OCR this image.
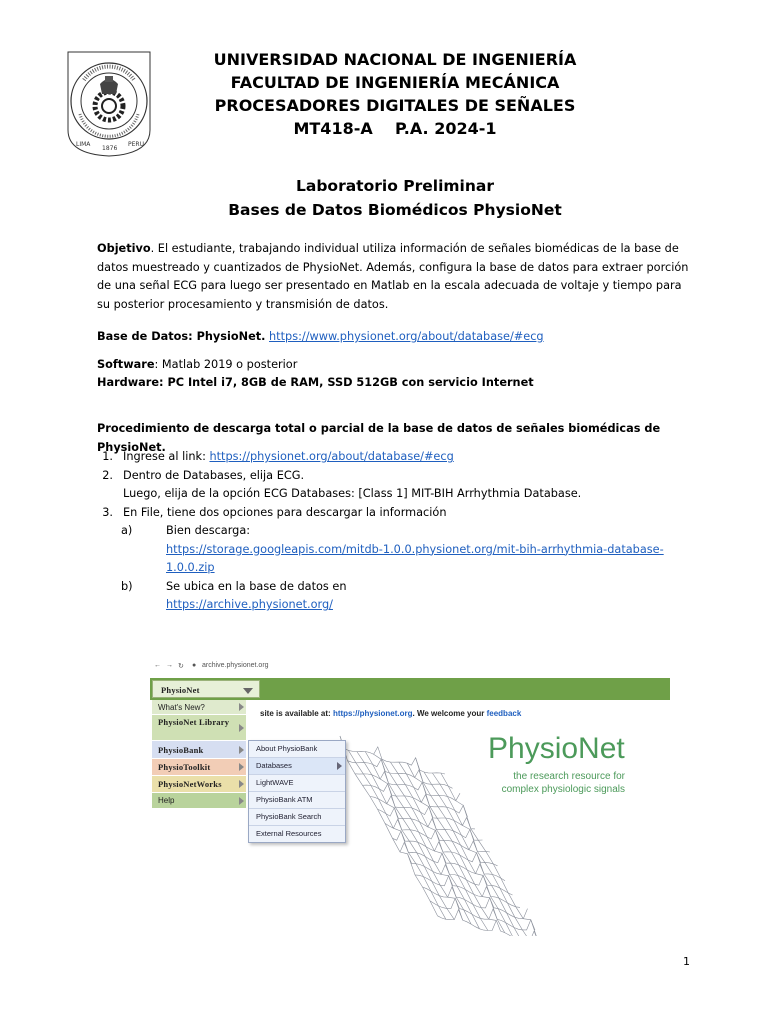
LIMA
1876
PERU
UNIVERSIDAD NACIONAL DE INGENIERÍA
FACULTAD DE INGENIERÍA MECÁNICA
PROCESADORES DIGITALES DE SEÑALES
MT418-A    P.A. 2024-1
Laboratorio Preliminar
Bases de Datos Biomédicos PhysioNet
Objetivo. El estudiante, trabajando individual utiliza información de señales biomédicas de la base de datos muestreado y cuantizados de PhysioNet. Además, configura la base de datos para extraer porción de una señal ECG para luego ser presentado en Matlab en la escala adecuada de voltaje y tiempo para su posterior procesamiento y transmisión de datos.
Base de Datos: PhysioNet. https://www.physionet.org/about/database/#ecg
Software: Matlab 2019 o posterior
Hardware: PC Intel i7, 8GB de RAM, SSD 512GB con servicio Internet
Procedimiento de descarga total o parcial de la base de datos de señales biomédicas de PhysioNet.
1. Ingrese al link: https://physionet.org/about/database/#ecg
2. Dentro de Databases, elija ECG.
Luego, elija de la opción ECG Databases: [Class 1] MIT-BIH Arrhythmia Database.
3. En File, tiene dos opciones para descargar la información
a)	Bien descarga:
https://storage.googleapis.com/mitdb-1.0.0.physionet.org/mit-bih-arrhythmia-database-
1.0.0.zip
b)	Se ubica en la base de datos en
https://archive.physionet.org/
← → ↻ ● archive.physionet.org
PhysioNet
What's New?
PhysioNet Library
PhysioBank
PhysioToolkit
PhysioNetWorks
Help
About PhysioBank
Databases
LightWAVE
PhysioBank ATM
PhysioBank Search
External Resources
site is available at: https://physionet.org. We welcome your feedback
PhysioNet
the research resource for
complex physiologic signals
1
